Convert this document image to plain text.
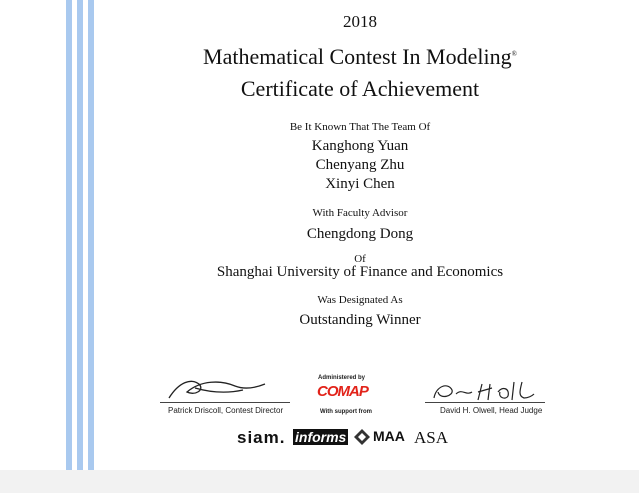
2018
Mathematical Contest In Modeling®
Certificate of Achievement
Be It Known That The Team Of
Kanghong Yuan
Chenyang Zhu
Xinyi Chen
With Faculty Advisor
Chengdong Dong
Of
Shanghai University of Finance and Economics
Was Designated As
Outstanding Winner
Patrick Driscoll, Contest Director
Administered by
COMAP
With support from	David H. Olwell, Head Judge
siam. informs MAA ASA
